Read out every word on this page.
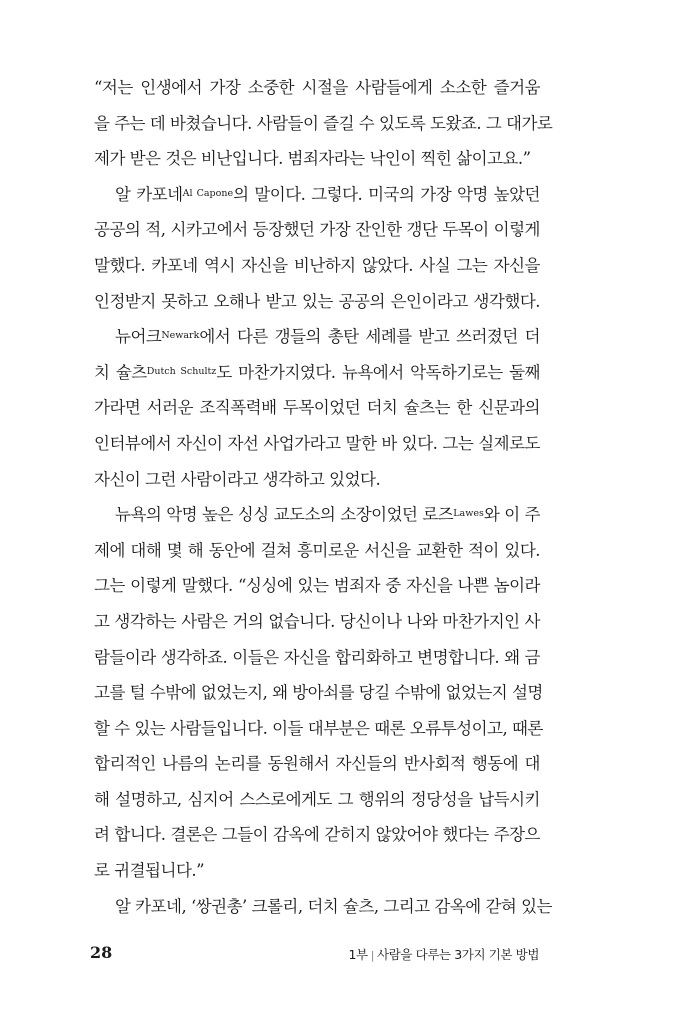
“저는 인생에서 가장 소중한 시절을 사람들에게 소소한 즐거움
을 주는 데 바쳤습니다. 사람들이 즐길 수 있도록 도왔죠. 그 대가로
제가 받은 것은 비난입니다. 범죄자라는 낙인이 찍힌 삶이고요.”
알 카포네$^{Al Capone}$의 말이다. 그렇다. 미국의 가장 악명 높았던
공공의 적, 시카고에서 등장했던 가장 잔인한 갱단 두목이 이렇게
말했다. 카포네 역시 자신을 비난하지 않았다. 사실 그는 자신을
인정받지 못하고 오해나 받고 있는 공공의 은인이라고 생각했다.
뉴어크$^{Newark}$에서 다른 갱들의 총탄 세례를 받고 쓰러졌던 더
치 슐츠$^{Dutch Schultz}$도 마찬가지였다. 뉴욕에서 악독하기로는 둘째
가라면 서러운 조직폭력배 두목이었던 더치 슐츠는 한 신문과의
인터뷰에서 자신이 자선 사업가라고 말한 바 있다. 그는 실제로도
자신이 그런 사람이라고 생각하고 있었다.
뉴욕의 악명 높은 싱싱 교도소의 소장이었던 로즈$^{Lawes}$와 이 주
제에 대해 몇 해 동안에 걸쳐 흥미로운 서신을 교환한 적이 있다.
그는 이렇게 말했다. “싱싱에 있는 범죄자 중 자신을 나쁜 놈이라
고 생각하는 사람은 거의 없습니다. 당신이나 나와 마찬가지인 사
람들이라 생각하죠. 이들은 자신을 합리화하고 변명합니다. 왜 금
고를 털 수밖에 없었는지, 왜 방아쇠를 당길 수밖에 없었는지 설명
할 수 있는 사람들입니다. 이들 대부분은 때론 오류투성이고, 때론
합리적인 나름의 논리를 동원해서 자신들의 반사회적 행동에 대
해 설명하고, 심지어 스스로에게도 그 행위의 정당성을 납득시키
려 합니다. 결론은 그들이 감옥에 갇히지 않았어야 했다는 주장으
로 귀결됩니다.”
알 카포네, ‘쌍권총’ 크롤리, 더치 슐츠, 그리고 감옥에 갇혀 있는
28	1부 | 사람을 다루는 3가지 기본 방법
